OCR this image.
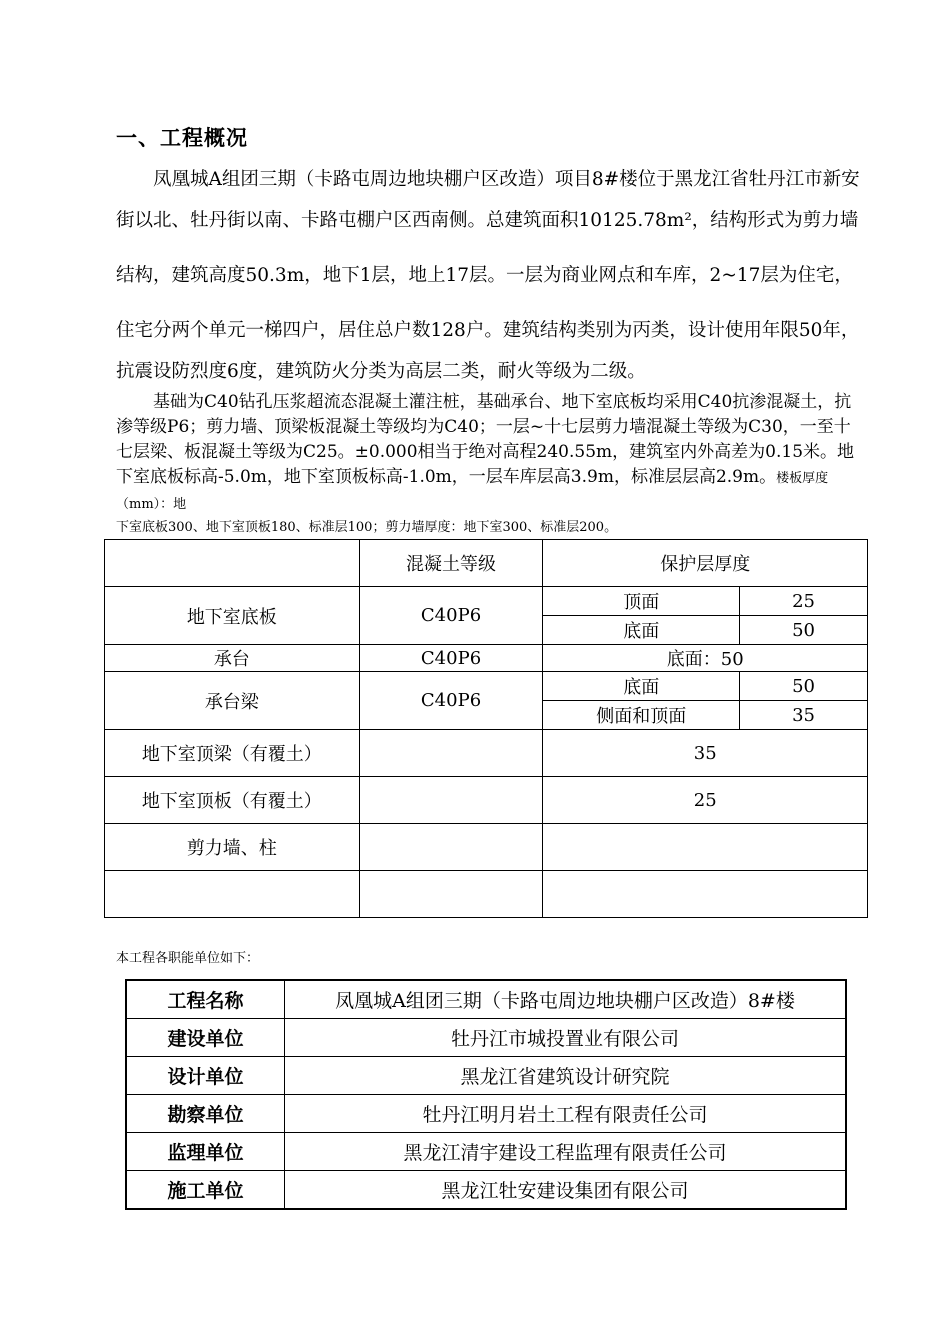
一、工程概况

凤凰城A组团三期（卡路屯周边地块棚户区改造）项目8#楼位于黑龙江省牡丹江市新安街以北、牡丹街以南、卡路屯棚户区西南侧。总建筑面积10125.78m²，结构形式为剪力墙结构，建筑高度50.3m，地下1层，地上17层。一层为商业网点和车库，2~17层为住宅，住宅分两个单元一梯四户，居住总户数128户。建筑结构类别为丙类，设计使用年限50年，抗震设防烈度6度，建筑防火分类为高层二类，耐火等级为二级。

基础为C40钻孔压浆超流态混凝土灌注桩，基础承台、地下室底板均采用C40抗渗混凝土，抗渗等级P6；剪力墙、顶梁板混凝土等级均为C40；一层~十七层剪力墙混凝土等级为C30，一至十七层梁、板混凝土等级为C25。±0.000相当于绝对高程240.55m，建筑室内外高差为0.15米。地下室底板标高-5.0m，地下室顶板标高-1.0m，一层车库层高3.9m，标准层层高2.9m。楼板厚度（mm）：地

下室底板300、地下室顶板180、标准层100；剪力墙厚度：地下室300、标准层200。
	混凝土等级	保护层厚度	
地下室底板	C40P6	顶面	25
		底面	50
承台	C40P6	底面：50	
承台梁	C40P6	底面	50
		侧面和顶面	35
地下室顶梁（有覆土）		35	
地下室顶板（有覆土）		25	
剪力墙、柱			

本工程各职能单位如下：
工程名称	凤凰城A组团三期（卡路屯周边地块棚户区改造）8#楼
建设单位	牡丹江市城投置业有限公司
设计单位	黑龙江省建筑设计研究院
勘察单位	牡丹江明月岩土工程有限责任公司
监理单位	黑龙江清宇建设工程监理有限责任公司
施工单位	黑龙江牡安建设集团有限公司
